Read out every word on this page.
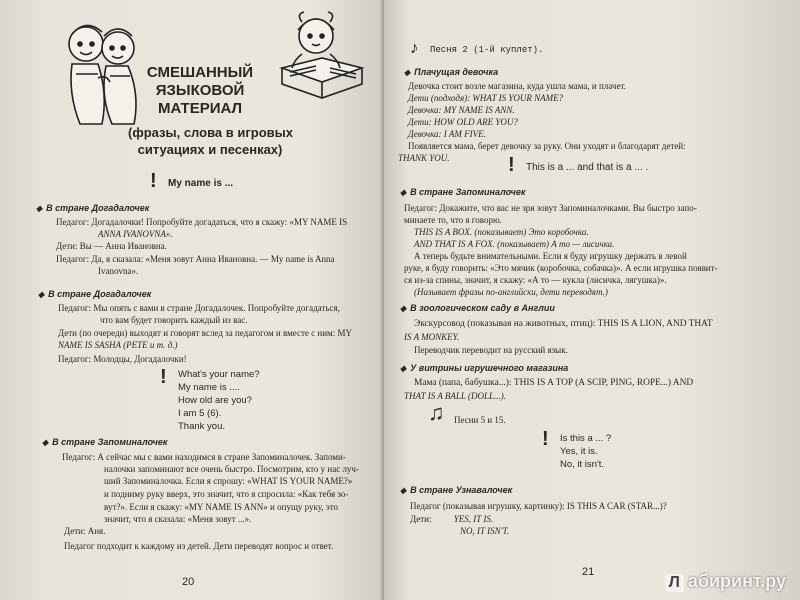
СМЕШАННЫЙ
ЯЗЫКОВОЙ
МАТЕРИАЛ
(фразы, слова в игровых
ситуациях и песенках)
! My name is ...
◆ В стране Догадалочек
Педагог: Догадалочки! Попробуйте догадаться, что я скажу: «MY NAME IS
ANNA IVANOVNA».
Дети: Вы — Анна Ивановна.
Педагог: Да, я сказала: «Меня зовут Анна Ивановна. — My name is Anna
Ivanovna».
◆ В стране Догадалочек
Педагог: Мы опять с вами в стране Догадалочек. Попробуйте догадаться,
что вам будет говорить каждый из вас.
Дети (по очереди) выходят и говорят вслед за педагогом и вместе с ним: MY
NAME IS SASHA (PETE и т. д.)
Педагог: Молодцы, Догадалочки!
! What's your name?
My name is ....
How old are you?
I am 5 (6).
Thank you.
◆ В стране Запоминалочек
Педагог: А сейчас мы с вами находимся в стране Запоминалочек. Запоми-
налочки запоминают все очень быстро. Посмотрим, кто у нас луч-
ший Запоминалочка. Если я спрошу: «WHAT IS YOUR NAME?»
и подниму руку вверх, это значит, что я спросила: «Как тебя зо-
вут?». Если я скажу: «MY NAME IS ANN» и опущу руку, это
значит, что я сказала: «Меня зовут ...».
Дети: Аня.
Педагог подходит к каждому из детей. Дети переводят вопрос и ответ.
20
♪ Песня 2 (1-й куплет).
◆ Плачущая девочка
Девочка стоит возле магазина, куда ушла мама, и плачет.
Дети (подходя): WHAT IS YOUR NAME?
Девочка: MY NAME IS ANN.
Дети: HOW OLD ARE YOU?
Девочка: I AM FIVE.
Появляется мама, берет девочку за руку. Они уходят и благодарят детей:
THANK YOU.	! This is a ... and that is a ... .
◆ В стране Запоминалочек
Педагог: Докажите, что вас не зря зовут Запоминалочками. Вы быстро запо-
минаете то, что я говорю.
THIS IS A BOX. (показывает) Это коробочка.
AND THAT IS A FOX. (показывает) А то — лисичка.
А теперь будьте внимательными. Если я буду игрушку держать в левой
руке, я буду говорить: «Это мячик (коробочка, собачка)». А если игрушка появит-
ся из-за спины, значит, я скажу: «А то — кукла (лисичка, лягушка)».
(Называет фразы по-английски, дети переводят.)
◆ В зоологическом саду в Англии
Экскурсовод (показывая на животных, птиц): THIS IS A LION, AND THAT
IS A MONKEY.
Переводчик переводит на русский язык.
◆ У витрины игрушечного магазина
Мама (папа, бабушка...): THIS IS A TOP (A SCIP, PING, ROPE...) AND
THAT IS A BALL (DOLL...).
♫ Песни 5 и 15.
! Is this a ... ?
Yes, it is.
No, it isn't.
◆ В стране Узнавалочек
Педагог (показывая игрушку, картинку): IS THIS A CAR (STAR...)?
Дети: YES, IT IS.
NO, IT ISN'T.
21
Л абиринт.ру
